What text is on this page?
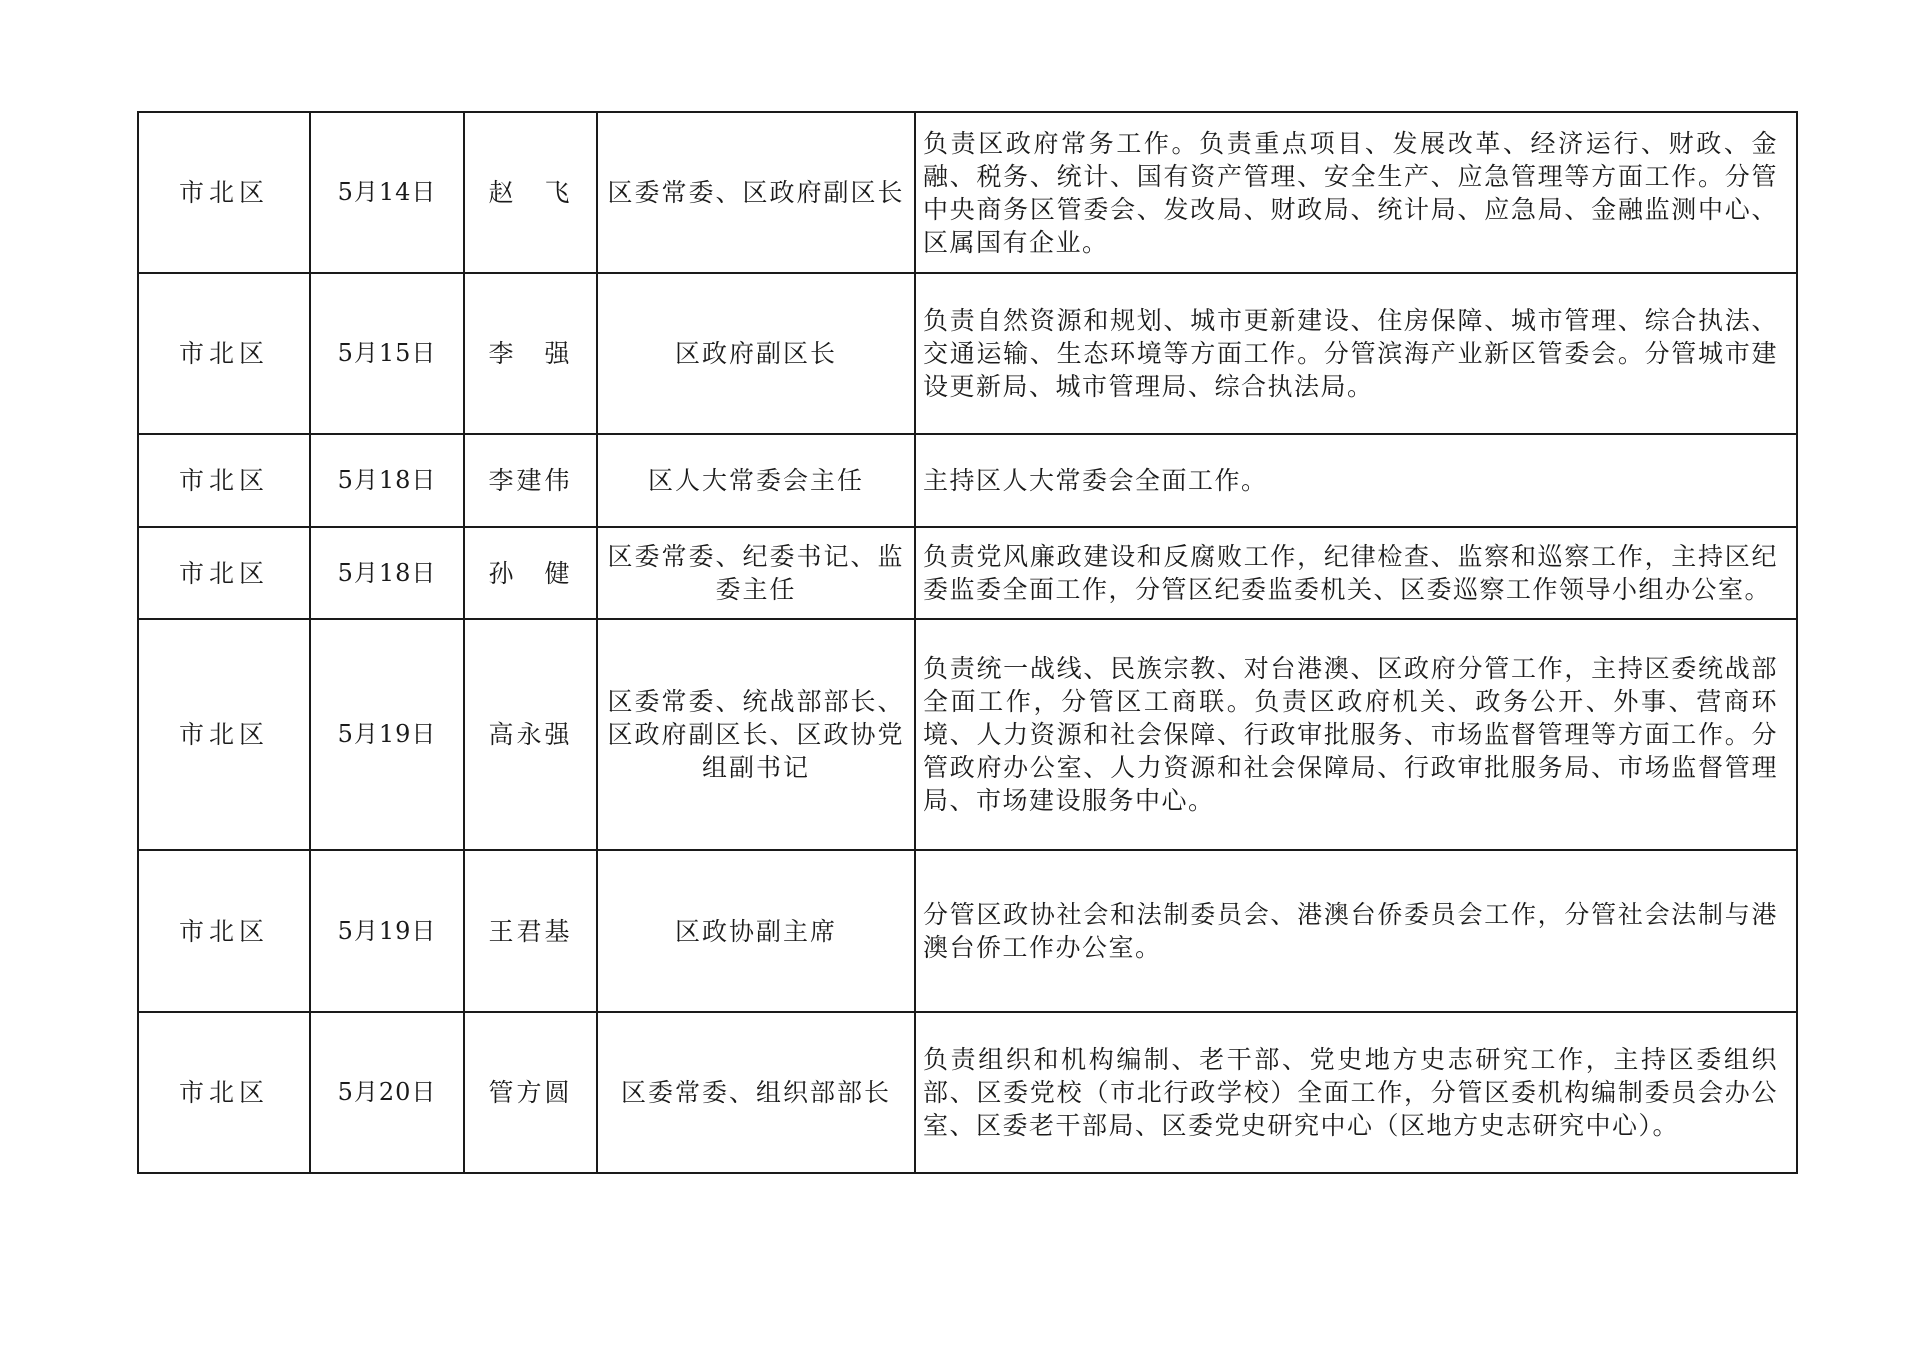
市北区	5月14日	赵　飞	区委常委、区政府副区长	负责区政府常务工作。负责重点项目、发展改革、经济运行、财政、金融、税务、统计、国有资产管理、安全生产、应急管理等方面工作。分管中央商务区管委会、发改局、财政局、统计局、应急局、金融监测中心、区属国有企业。

市北区	5月15日	李　强	区政府副区长	负责自然资源和规划、城市更新建设、住房保障、城市管理、综合执法、交通运输、生态环境等方面工作。分管滨海产业新区管委会。分管城市建设更新局、城市管理局、综合执法局。

市北区	5月18日	李建伟	区人大常委会主任	主持区人大常委会全面工作。

市北区	5月18日	孙　健	区委常委、纪委书记、监委主任	负责党风廉政建设和反腐败工作，纪律检查、监察和巡察工作，主持区纪委监委全面工作，分管区纪委监委机关、区委巡察工作领导小组办公室。

市北区	5月19日	高永强	区委常委、统战部部长、区政府副区长、区政协党组副书记	负责统一战线、民族宗教、对台港澳、区政府分管工作，主持区委统战部全面工作，分管区工商联。负责区政府机关、政务公开、外事、营商环境、人力资源和社会保障、行政审批服务、市场监督管理等方面工作。分管政府办公室、人力资源和社会保障局、行政审批服务局、市场监督管理局、市场建设服务中心。

市北区	5月19日	王君基	区政协副主席	分管区政协社会和法制委员会、港澳台侨委员会工作，分管社会法制与港澳台侨工作办公室。

市北区	5月20日	管方圆	区委常委、组织部部长	负责组织和机构编制、老干部、党史地方史志研究工作，主持区委组织部、区委党校（市北行政学校）全面工作，分管区委机构编制委员会办公室、区委老干部局、区委党史研究中心（区地方史志研究中心）。
